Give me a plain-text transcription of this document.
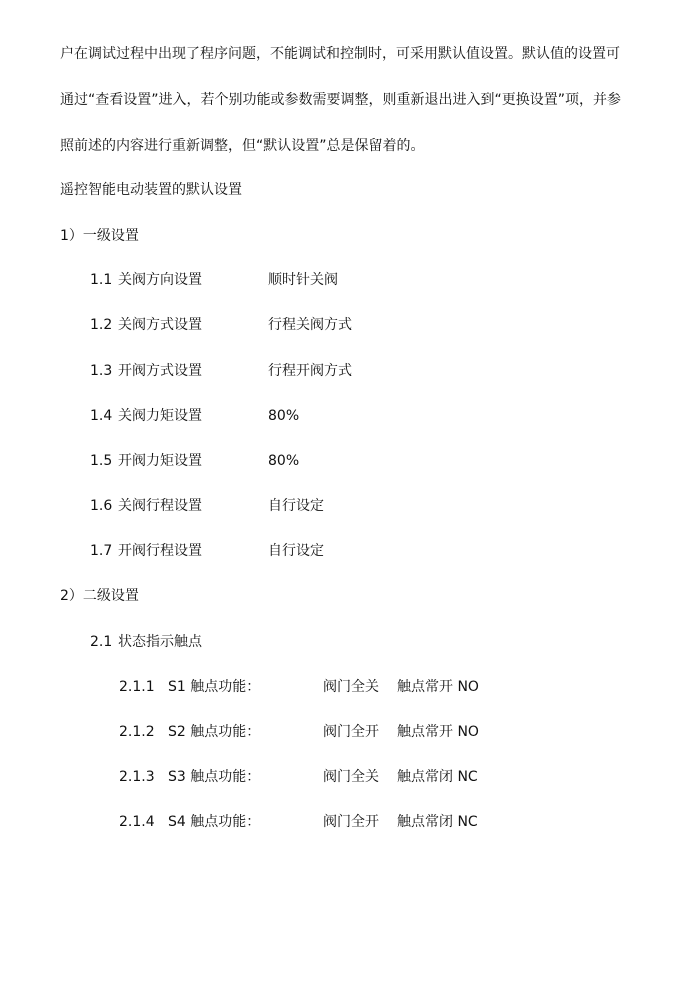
户在调试过程中出现了程序问题，不能调试和控制时，可采用默认值设置。默认值的设置可
通过“查看设置”进入，若个别功能或参数需要调整，则重新退出进入到“更换设置”项，并参
照前述的内容进行重新调整，但“默认设置”总是保留着的。
遥控智能电动装置的默认设置
1）一级设置
1.1 关阀方向设置	顺时针关阀
1.2 关阀方式设置	行程关阀方式
1.3 开阀方式设置	行程开阀方式
1.4 关阀力矩设置	80%
1.5 开阀力矩设置	80%
1.6 关阀行程设置	自行设定
1.7 开阀行程设置	自行设定
2）二级设置
2.1 状态指示触点
2.1.1 S1 触点功能：	阀门全关 触点常开 NO
2.1.2 S2 触点功能：	阀门全开 触点常开 NO
2.1.3 S3 触点功能：	阀门全关 触点常闭 NC
2.1.4 S4 触点功能：	阀门全开 触点常闭 NC
